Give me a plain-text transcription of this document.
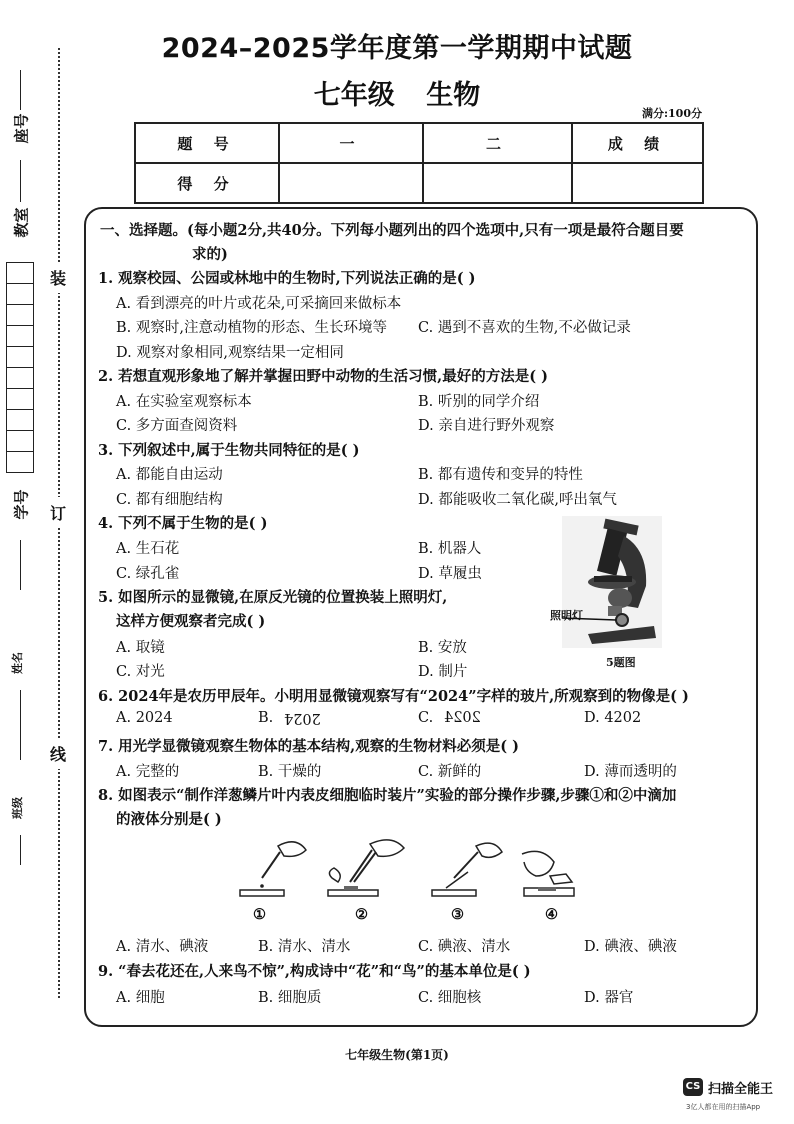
装
订
线
座号
教室
学号
姓名
班级
2024–2025学年度第一学期期中试题
七年级 生物
满分:100分
题 号	一	二	成 绩
得 分			
一、选择题。(每小题2分,共40分。下列每小题列出的四个选项中,只有一项是最符合题目要
求的)
1. 观察校园、公园或林地中的生物时,下列说法正确的是( )
A. 看到漂亮的叶片或花朵,可采摘回来做标本
B. 观察时,注意动植物的形态、生长环境等 C. 遇到不喜欢的生物,不必做记录
D. 观察对象相同,观察结果一定相同
2. 若想直观形象地了解并掌握田野中动物的生活习惯,最好的方法是( )
A. 在实验室观察标本	B. 听别的同学介绍
C. 多方面查阅资料	D. 亲自进行野外观察
3. 下列叙述中,属于生物共同特征的是( )
A. 都能自由运动	B. 都有遗传和变异的特性
C. 都有细胞结构	D. 都能吸收二氧化碳,呼出氧气
4. 下列不属于生物的是( )
A. 生石花	B. 机器人
C. 绿孔雀	D. 草履虫
5. 如图所示的显微镜,在原反光镜的位置换装上照明灯,
这样方便观察者完成( )
A. 取镜	B. 安放
C. 对光	D. 制片
照明灯
5题图
6. 2024年是农历甲辰年。小明用显微镜观察写有“2024”字样的玻片,所观察到的物像是( )
A. 2024	B. 2024	C. 2024	D. 4202
7. 用光学显微镜观察生物体的基本结构,观察的生物材料必须是( )
A. 完整的	B. 干燥的	C. 新鲜的	D. 薄而透明的
8. 如图表示“制作洋葱鳞片叶内表皮细胞临时装片”实验的部分操作步骤,步骤①和②中滴加
的液体分别是( )
①	②	③	④
A. 清水、碘液	B. 清水、清水	C. 碘液、清水	D. 碘液、碘液
9. “春去花还在,人来鸟不惊”,构成诗中“花”和“鸟”的基本单位是( )
A. 细胞	B. 细胞质	C. 细胞核	D. 器官
七年级生物(第1页)
CS 扫描全能王
3亿人都在用的扫描App
